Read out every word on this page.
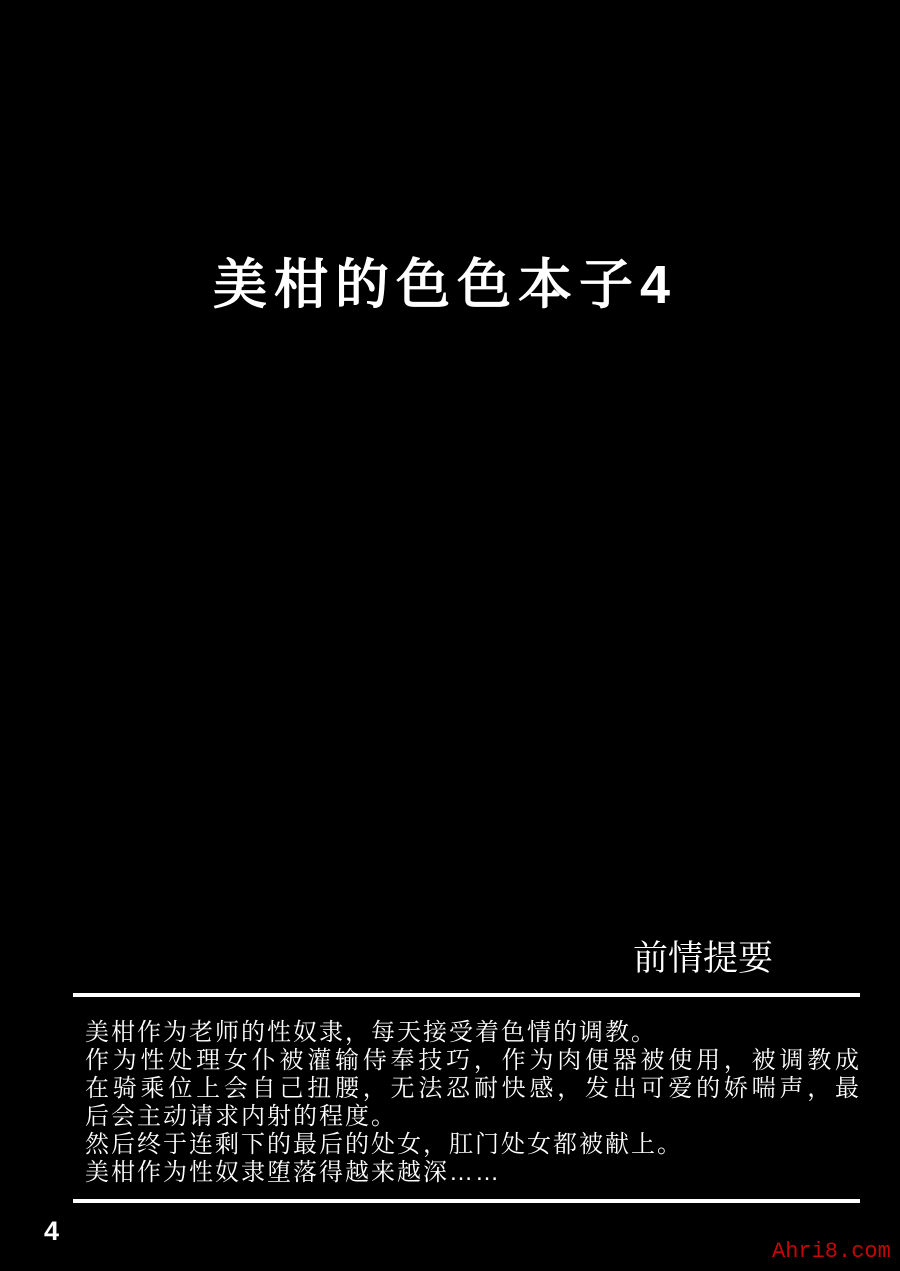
美柑的色色本子4
前情提要
美柑作为老师的性奴隶，每天接受着色情的调教。
作为性处理女仆被灌输侍奉技巧，作为肉便器被使用，被调教成
在骑乘位上会自己扭腰，无法忍耐快感，发出可爱的娇喘声，最
后会主动请求内射的程度。
然后终于连剩下的最后的处女，肛门处女都被献上。
美柑作为性奴隶堕落得越来越深……
4
Ahri8.com
